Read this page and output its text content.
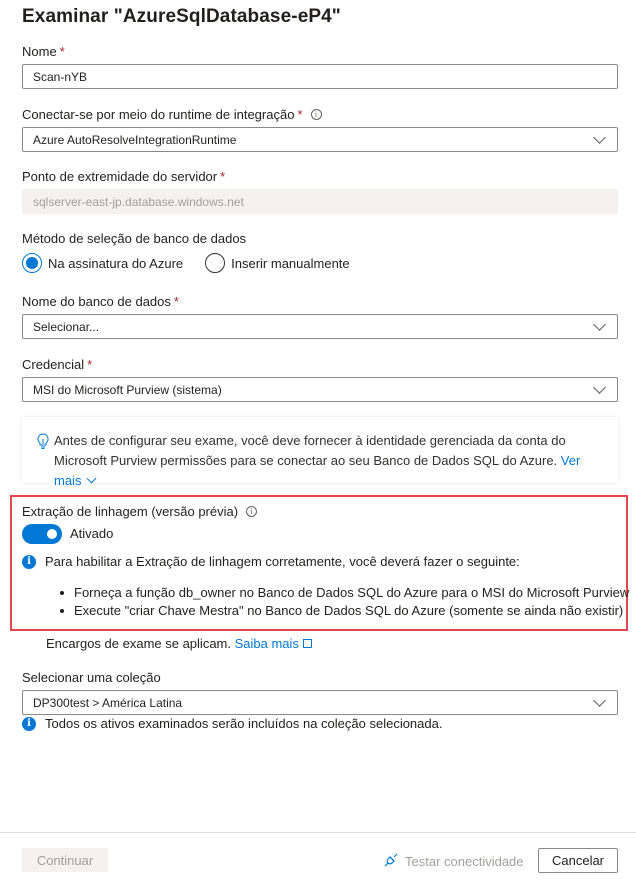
Examinar "AzureSqlDatabase-eP4"
Nome *
Scan-nYB
Conectar-se por meio do runtime de integração *	i
Azure AutoResolveIntegrationRuntime
Ponto de extremidade do servidor *
sqlserver-east-jp.database.windows.net
Método de seleção de banco de dados
Na assinatura do Azure	Inserir manualmente
Nome do banco de dados *
Selecionar...
Credencial *
MSI do Microsoft Purview (sistema)
Antes de configurar seu exame, você deve fornecer à identidade gerenciada da conta do Microsoft Purview permissões para se conectar ao seu Banco de Dados SQL do Azure. Ver mais
Extração de linhagem (versão prévia)	i
Ativado
i	Para habilitar a Extração de linhagem corretamente, você deverá fazer o seguinte:
Forneça a função db_owner no Banco de Dados SQL do Azure para o MSI do Microsoft Purview
Execute "criar Chave Mestra" no Banco de Dados SQL do Azure (somente se ainda não existir)
Encargos de exame se aplicam. Saiba mais
Selecionar uma coleção
DP300test > América Latina
i	Todos os ativos examinados serão incluídos na coleção selecionada.
Continuar	Testar conectividade	Cancelar
